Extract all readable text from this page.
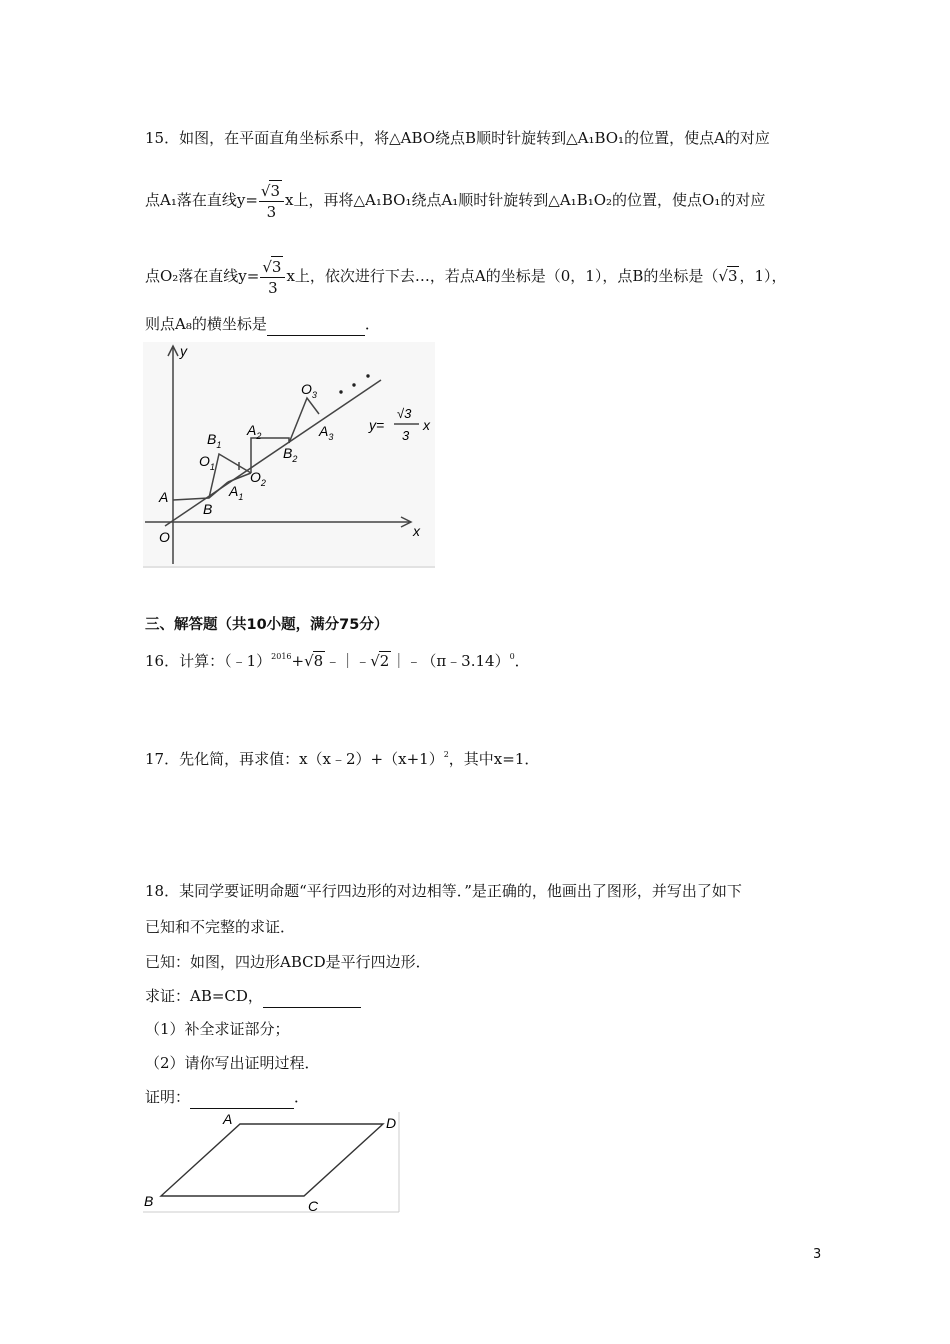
15．如图，在平面直角坐标系中，将△ABO绕点B顺时针旋转到△A₁BO₁的位置，使点A的对应
点A₁落在直线$y= \frac{√3}{3}$ x上，再将△A₁BO₁绕点A₁顺时针旋转到△A₁B₁O₂的位置，使点O₁的对应
点O₂落在直线$y= \frac{√3}{3}$ x上，依次进行下去…，若点A的坐标是（0，1），点B的坐标是（√3 ，1），
则点A₈的横坐标是	．
y
x
O
A
B
$A_1$
$B_1$
$O_1$
$O_2$
$A_2$
$B_2$
$O_3$
$A_3$
y=
√3
3
x
三、解答题（共10小题，满分75分）
16．计算：（﹣1）$^{2016}$+√8 ﹣｜﹣√2 ｜﹣（π﹣3.14）$^0$．
17．先化简，再求值：$x(x﹣2)+(x+1)^2$，其中x=1．
18．某同学要证明命题“平行四边形的对边相等．”是正确的，他画出了图形，并写出了如下
已知和不完整的求证．
已知：如图，四边形ABCD是平行四边形．
求证：AB=CD，
（1）补全求证部分；
（2）请你写出证明过程．
证明：	．
A
B	C
D
3
